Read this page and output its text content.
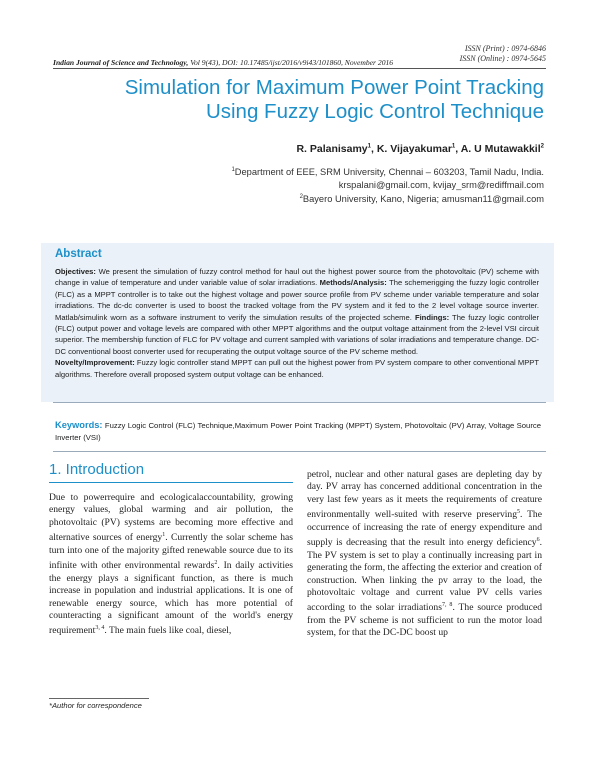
ISSN (Print) : 0974-6846
ISSN (Online) : 0974-5645
Indian Journal of Science and Technology, Vol 9(43), DOI: 10.17485/ijst/2016/v9i43/101860, November 2016
Simulation for Maximum Power Point Tracking
Using Fuzzy Logic Control Technique
R. Palanisamy$^1$, K. Vijayakumar$^1$, A. U Mutawakkil$^2$
$^1$Department of EEE, SRM University, Chennai – 603203, Tamil Nadu, India.
krspalani@gmail.com, kvijay_srm@rediffmail.com
$^2$Bayero University, Kano, Nigeria; amusman11@gmail.com
Abstract
Objectives: We present the simulation of fuzzy control method for haul out the highest power source from the photovoltaic (PV) scheme with change in value of temperature and under variable value of solar irradiations. Methods/Analysis: The schemerigging the fuzzy logic controller (FLC) as a MPPT controller is to take out the highest voltage and power source profile from PV scheme under variable temperature and solar irradiations. The dc-dc converter is used to boost the tracked voltage from the PV system and it fed to the 2 level voltage source inverter. Matlab/simulink worn as a software instrument to verify the simulation results of the projected scheme. Findings: The fuzzy logic controller (FLC) output power and voltage levels are compared with other MPPT algorithms and the output voltage attainment from the 2-level VSI circuit superior. The membership function of FLC for PV voltage and current sampled with variations of solar irradiations and temperature change. DC-DC conventional boost converter used for recuperating the output voltage source of the PV scheme method.
Novelty/Improvement: Fuzzy logic controller stand MPPT can pull out the highest power from PV system compare to other conventional MPPT algorithms. Therefore overall proposed system output voltage can be enhanced.
Keywords: Fuzzy Logic Control (FLC) Technique,Maximum Power Point Tracking (MPPT) System, Photovoltaic (PV) Array, Voltage Source Inverter (VSI)
1. Introduction
Due to powerrequire and ecologicalaccountability, growing energy values, global warming and air pollution, the photovoltaic (PV) systems are becoming more effective and alternative sources of energy$^1$. Currently the solar scheme has turn into one of the majority gifted renewable source due to its infinite with other environmental rewards$^2$. In daily activities the energy plays a significant function, as there is much increase in population and industrial applications. It is one of renewable energy source, which has more potential of counteracting a significant amount of the world's energy requirement$^{3, 4}$. The main fuels like coal, diesel,
petrol, nuclear and other natural gases are depleting day by day. PV array has concerned additional concentration in the very last few years as it meets the requirements of creature environmentally well-suited with reserve preserving$^5$. The occurrence of increasing the rate of energy expenditure and supply is decreasing that the result into energy deficiency$^6$. The PV system is set to play a continually increasing part in generating the form, the affecting the exterior and creation of construction. When linking the pv array to the load, the photovoltaic voltage and current value PV cells varies according to the solar irradiations$^{7, 8}$. The source produced from the PV scheme is not sufficient to run the motor load system, for that the DC-DC boost up
*Author for correspondence
